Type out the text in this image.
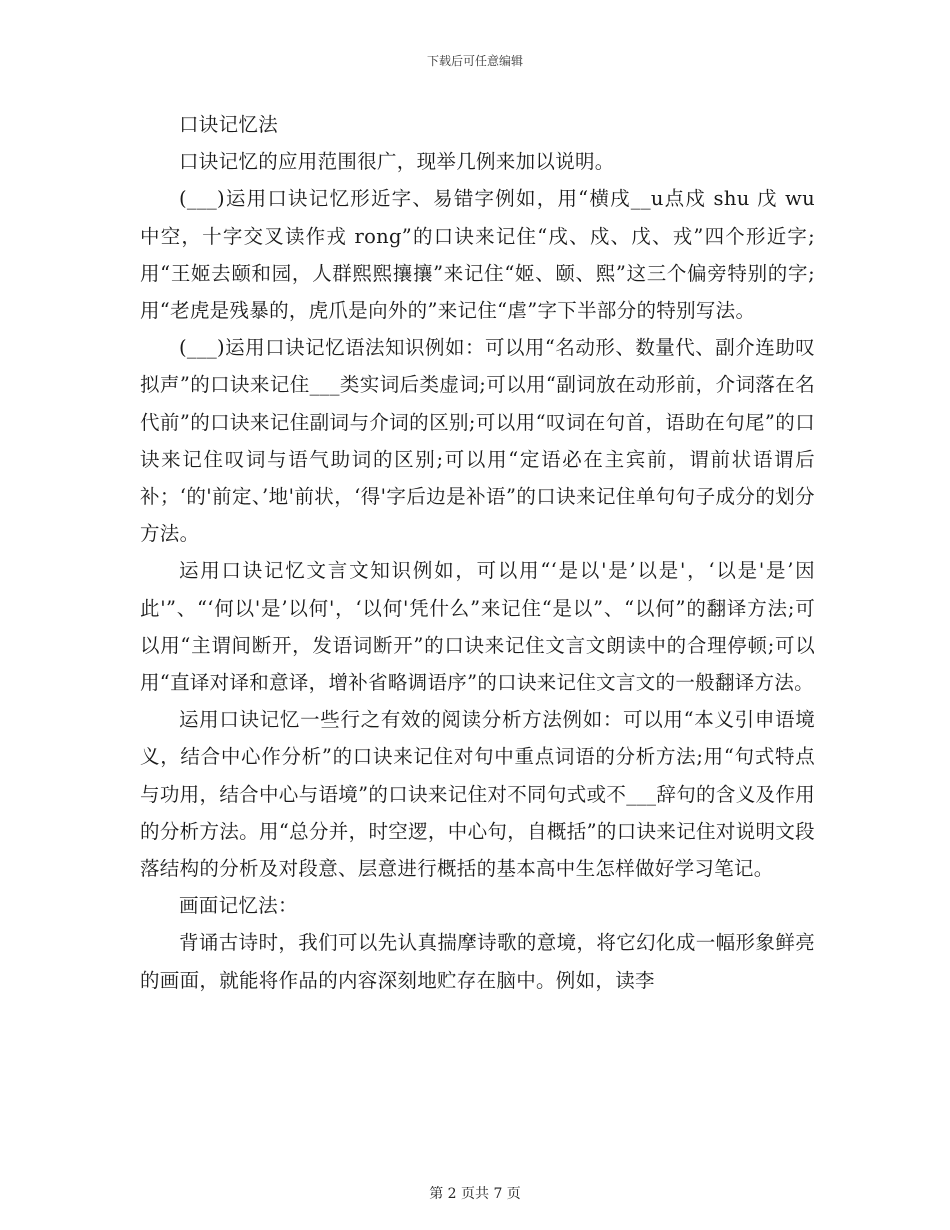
下载后可任意编辑

口诀记忆法

口诀记忆的应用范围很广，现举几例来加以说明。

(___)运用口诀记忆形近字、易错字例如，用“横戌__u点戍 shu 戊 wu 中空，十字交叉读作戎 rong”的口诀来记住“戌、戍、戊、戎”四个形近字;用“王姬去颐和园，人群熙熙攘攘”来记住“姬、颐、熙”这三个偏旁特别的字;用“老虎是残暴的，虎爪是向外的”来记住“虐”字下半部分的特别写法。

(___)运用口诀记忆语法知识例如：可以用“名动形、数量代、副介连助叹拟声”的口诀来记住___类实词后类虚词;可以用“副词放在动形前，介词落在名代前”的口诀来记住副词与介词的区别;可以用“叹词在句首，语助在句尾”的口诀来记住叹词与语气助词的区别;可以用“定语必在主宾前，谓前状语谓后补；‘的'前定、’地'前状，‘得'字后边是补语”的口诀来记住单句句子成分的划分方法。

运用口诀记忆文言文知识例如，可以用“‘是以'是’以是'，‘以是'是’因此'”、“‘何以'是’以何'，‘以何'凭什么”来记住“是以”、“以何”的翻译方法;可以用“主谓间断开，发语词断开”的口诀来记住文言文朗读中的合理停顿;可以用“直译对译和意译，增补省略调语序”的口诀来记住文言文的一般翻译方法。

运用口诀记忆一些行之有效的阅读分析方法例如：可以用“本义引申语境义，结合中心作分析”的口诀来记住对句中重点词语的分析方法;用“句式特点与功用，结合中心与语境”的口诀来记住对不同句式或不___辞句的含义及作用的分析方法。用“总分并，时空逻，中心句，自概括”的口诀来记住对说明文段落结构的分析及对段意、层意进行概括的基本高中生怎样做好学习笔记。

画面记忆法：

背诵古诗时，我们可以先认真揣摩诗歌的意境，将它幻化成一幅形象鲜亮的画面，就能将作品的内容深刻地贮存在脑中。例如，读李

第 2 页共 7 页
